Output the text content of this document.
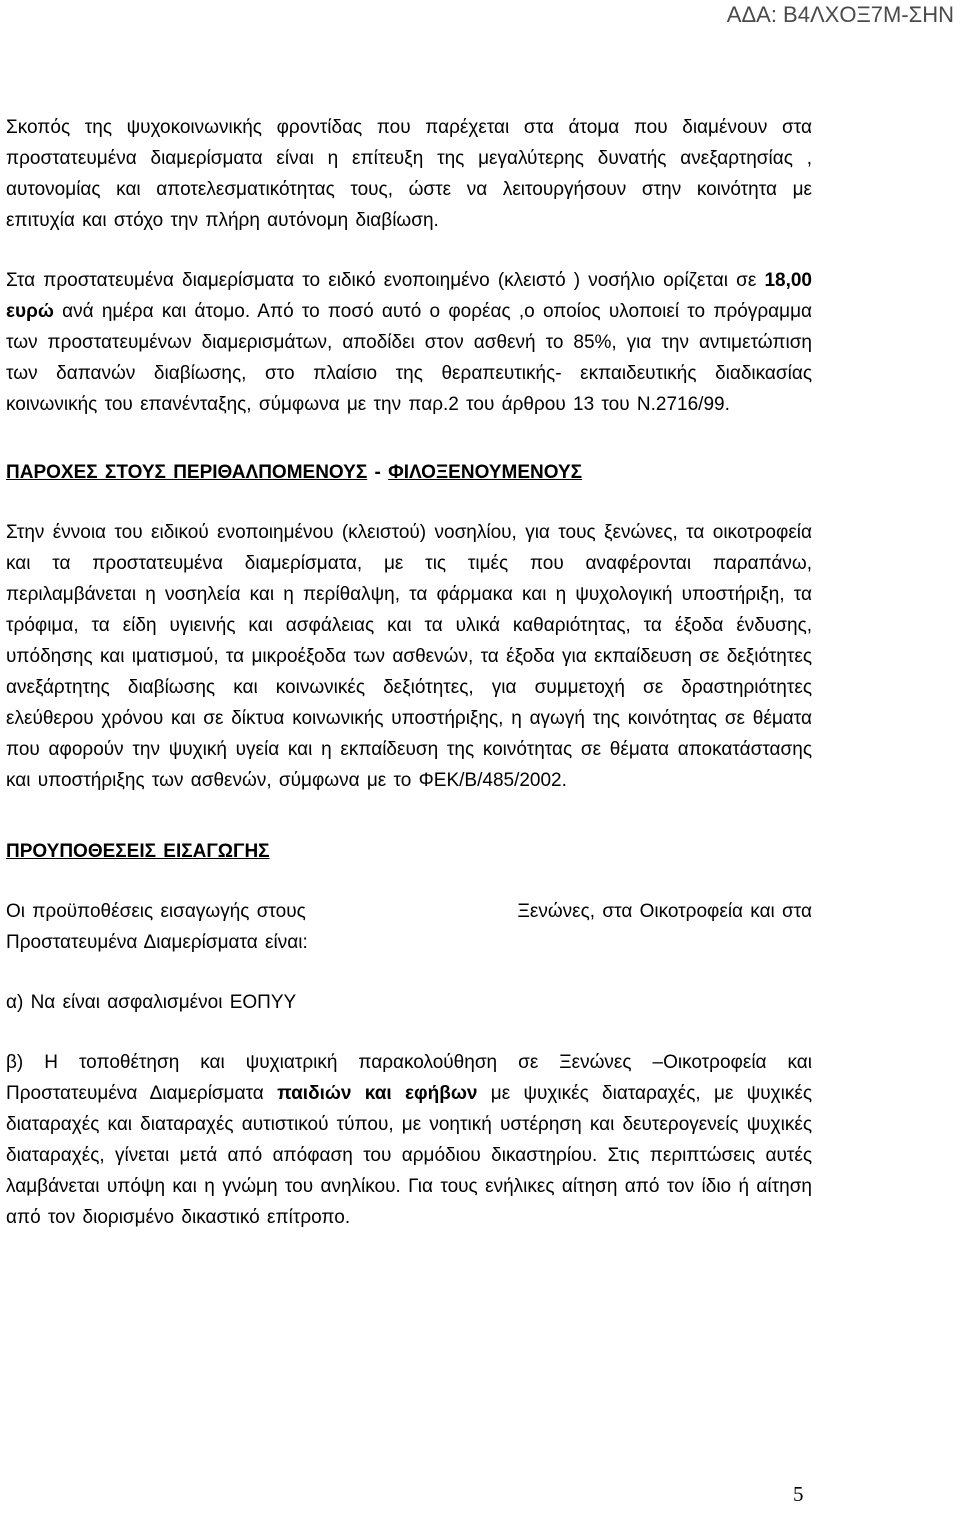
ΑΔΑ: Β4ΛΧΟΞ7Μ-ΣΗΝ

Σκοπός της ψυχοκοινωνικής φροντίδας που παρέχεται στα άτομα που διαμένουν στα προστατευμένα διαμερίσματα είναι η επίτευξη της μεγαλύτερης δυνατής ανεξαρτησίας , αυτονομίας και αποτελεσματικότητας τους, ώστε να λειτουργήσουν στην κοινότητα με επιτυχία και στόχο την πλήρη αυτόνομη διαβίωση.

Στα προστατευμένα διαμερίσματα το ειδικό ενοποιημένο (κλειστό ) νοσήλιο ορίζεται σε 18,00 ευρώ ανά ημέρα και άτομο. Από το ποσό αυτό ο φορέας ,ο οποίος υλοποιεί το πρόγραμμα των προστατευμένων διαμερισμάτων, αποδίδει στον ασθενή το 85%, για την αντιμετώπιση των δαπανών διαβίωσης, στο πλαίσιο της θεραπευτικής- εκπαιδευτικής διαδικασίας κοινωνικής του επανένταξης, σύμφωνα με την παρ.2 του άρθρου 13 του Ν.2716/99.

ΠΑΡΟΧΕΣ ΣΤΟΥΣ ΠΕΡΙΘΑΛΠΟΜΕΝΟΥΣ - ΦΙΛΟΞΕΝΟΥΜΕΝΟΥΣ

Στην έννοια του ειδικού ενοποιημένου (κλειστού) νοσηλίου, για τους ξενώνες, τα οικοτροφεία και τα προστατευμένα διαμερίσματα, με τις τιμές που αναφέρονται παραπάνω, περιλαμβάνεται η νοσηλεία και η περίθαλψη, τα φάρμακα και η ψυχολογική υποστήριξη, τα τρόφιμα, τα είδη υγιεινής και ασφάλειας και τα υλικά καθαριότητας, τα έξοδα ένδυσης, υπόδησης και ιματισμού, τα μικροέξοδα των ασθενών, τα έξοδα για εκπαίδευση σε δεξιότητες ανεξάρτητης διαβίωσης και κοινωνικές δεξιότητες, για συμμετοχή σε δραστηριότητες ελεύθερου χρόνου και σε δίκτυα κοινωνικής υποστήριξης, η αγωγή της κοινότητας σε θέματα που αφορούν την ψυχική υγεία και η εκπαίδευση της κοινότητας σε θέματα αποκατάστασης και υποστήριξης των ασθενών, σύμφωνα με το ΦΕΚ/Β/485/2002.

ΠΡΟΥΠΟΘΕΣΕΙΣ ΕΙΣΑΓΩΓΗΣ

Οι προϋποθέσεις εισαγωγής στους	Ξενώνες, στα Οικοτροφεία και στα
Προστατευμένα Διαμερίσματα είναι:

α) Να είναι ασφαλισμένοι ΕΟΠΥΥ

β) Η τοποθέτηση και ψυχιατρική παρακολούθηση σε Ξενώνες –Οικοτροφεία και Προστατευμένα Διαμερίσματα παιδιών και εφήβων με ψυχικές διαταραχές, με ψυχικές διαταραχές και διαταραχές αυτιστικού τύπου, με νοητική υστέρηση και δευτερογενείς ψυχικές διαταραχές, γίνεται μετά από απόφαση του αρμόδιου δικαστηρίου. Στις περιπτώσεις αυτές λαμβάνεται υπόψη και η γνώμη του ανηλίκου. Για τους ενήλικες αίτηση από τον ίδιο ή αίτηση από τον διορισμένο δικαστικό επίτροπο.

5
